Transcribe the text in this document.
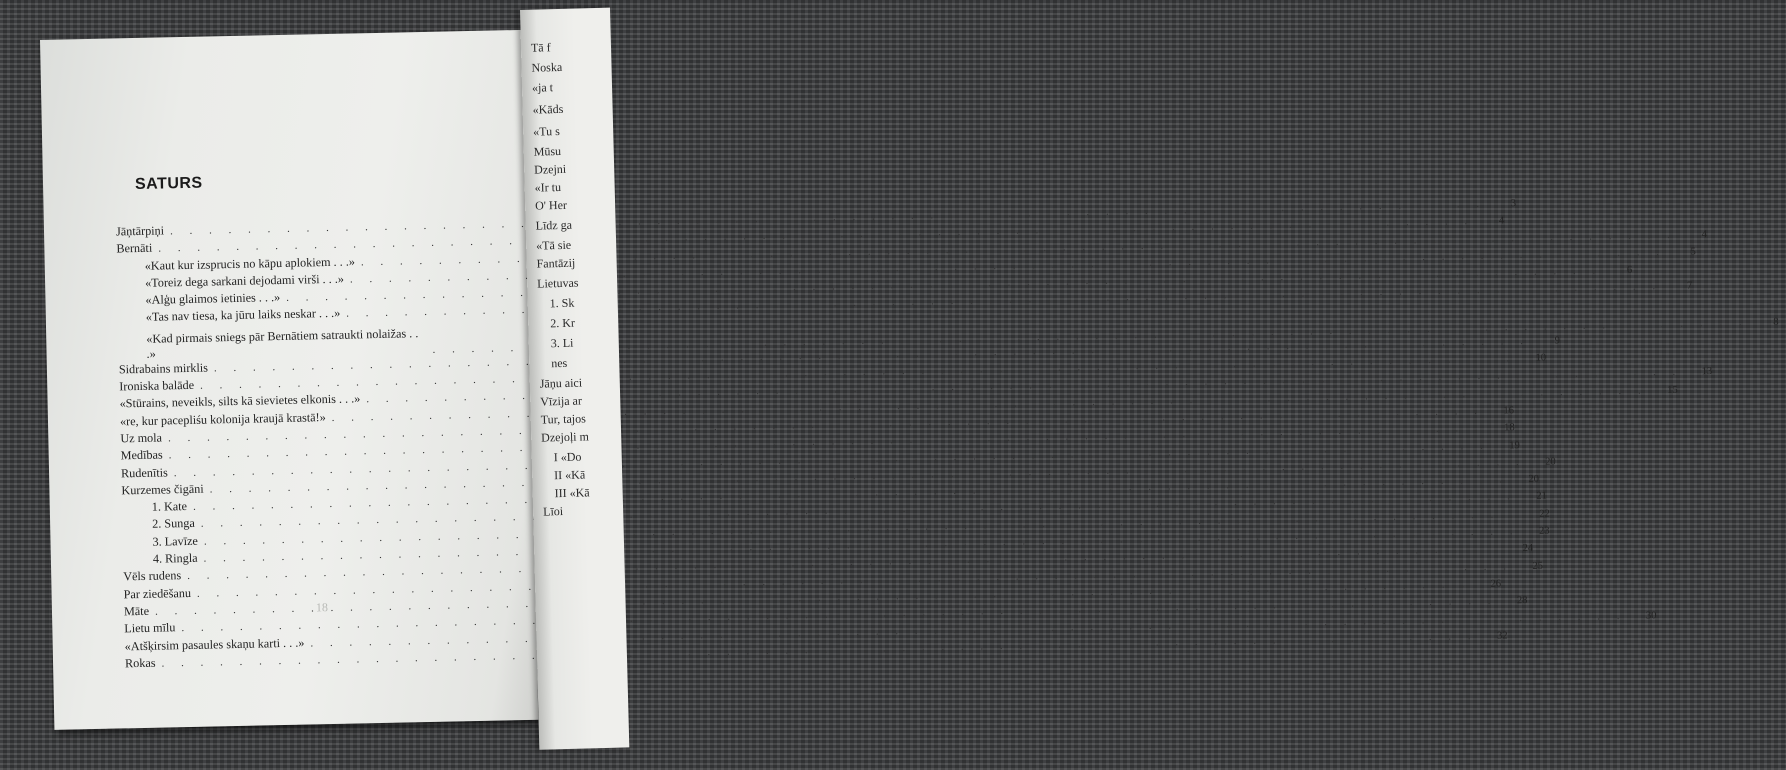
SATURS
Jāņtārpiņi
. . .
3
Bernāti
. . .
4
«Kaut kur izsprucis no kāpu aplokiem . . .»
. . .
4
«Toreiz dega sarkani dejodami virši . . .»
. . .
5
«Alģu glaimos ietinies . . .»
. . .
6
«Tas nav tiesa, ka jūru laiks neskar . . .»
. . .
7
«Kad pirmais sniegs pār Bernātiem satraukti nolaižas . . .»
. . .
8
Sidrabains mirklis
. . .
9
Ironiska balāde
. . .
10
«Stūrains, neveikls, silts kā sievietes elkonis . . .»
. . .
13
«re, kur pacepliśu kolonija kraujā krastā!»
. . .
15
Uz mola
. . .
16
Medības
. . .
18
Rudenītis
. . .
19
Kurzemes čigāni
. . .
20
1. Kate
. . .
20
2. Sunga
. . .
21
3. Lavīze
. . .
22
4. Ringla
. . .
23
Vēls rudens
. . .
24
Par ziedēšanu
. . .
25
Māte
. . .
26
Lietu mīlu
. . .
28
«Atšķirsim pasaules skaņu karti . . .»
. . .
30
Rokas
. . .
32
18
Tā f
Noska
«ja t
«Kāds
«Tu s
Mūsu
Dzejni
«Ir tu
O' Her
Līdz ga
«Tā sie
Fantāzij
Lietuvas
1. Sk
2. Kr
3. Li
nes
Jāņu aici
Vīzija ar
Tur, tajos
Dzejoļi m
I «Do
II «Kā
III «Kā
Līoi
